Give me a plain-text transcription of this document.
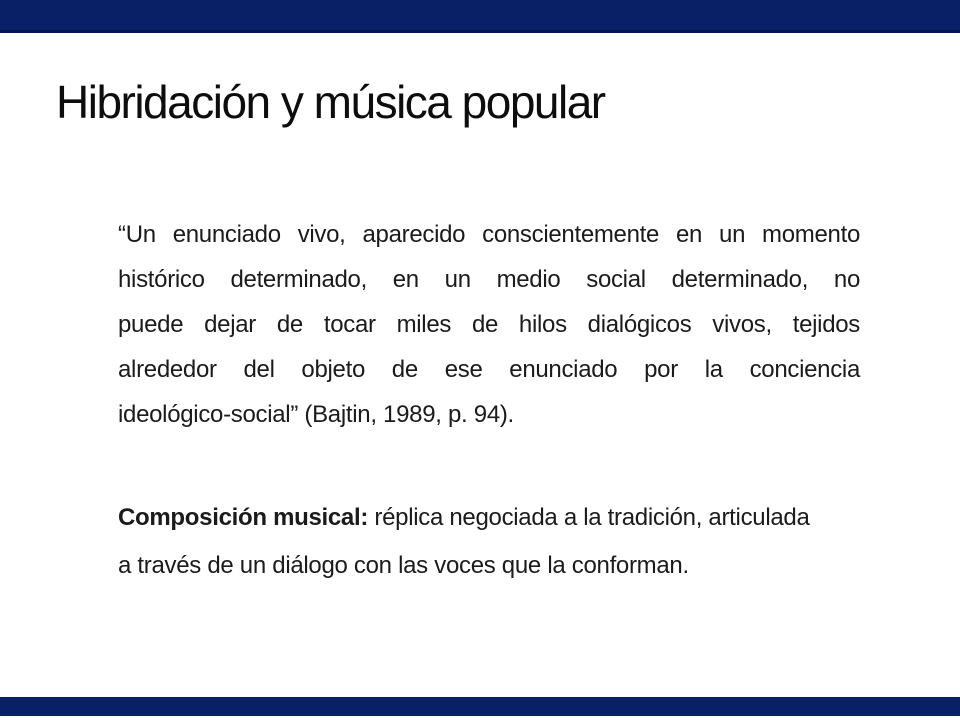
Hibridación y música popular
“Un enunciado vivo, aparecido conscientemente en un momento
histórico determinado, en un medio social determinado, no
puede dejar de tocar miles de hilos dialógicos vivos, tejidos
alrededor del objeto de ese enunciado por la conciencia
ideológico-social” (Bajtin, 1989, p. 94).
Composición musical: réplica negociada a la tradición, articulada
a través de un diálogo con las voces que la conforman.
